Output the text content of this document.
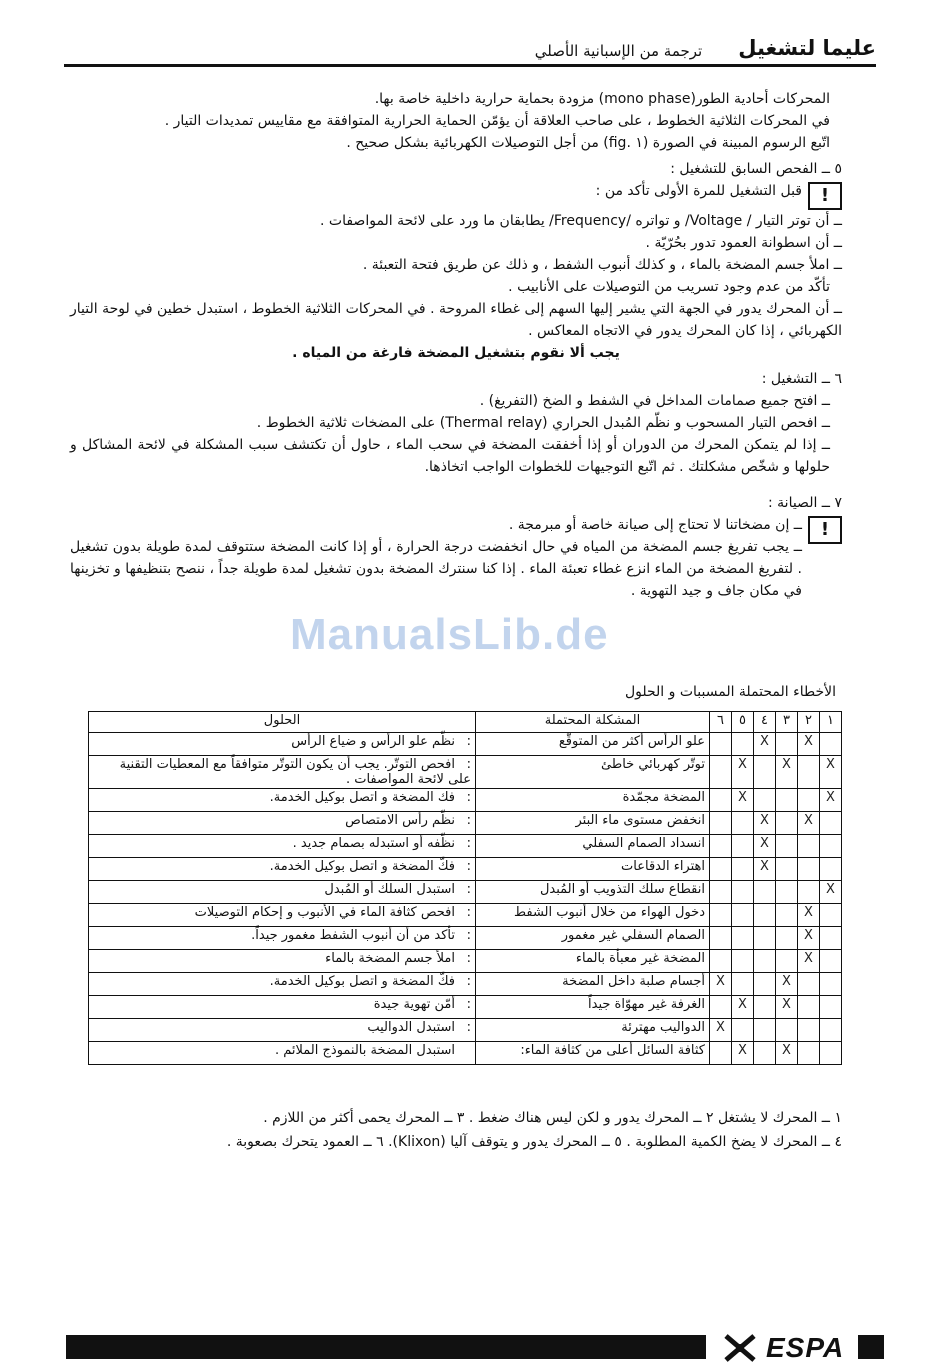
عليما لتشغيل
ترجمة من الإسبانية الأصلي

المحركات أحادية الطور(mono phase) مزودة بحماية حرارية داخلية خاصة بها.

في المحركات الثلاثية الخطوط ، على صاحب العلاقة أن يؤمّن الحماية الحرارية المتوافقة مع مقاييس تمديدات التيار .

اتّبع الرسوم المبينة في الصورة (١ .fig) من أجل التوصيلات الكهربائية بشكل صحيح .

٥ ــ الفحص السابق للتشغيل :

!

قبل التشغيل للمرة الأولى تأكد من :

ــ أن توتر التيار / Voltage/ و تواتره /Frequency/ يطابقان ما ورد على لائحة المواصفات .

ــ أن اسطوانة العمود تدور بحُرّيّة .

ــ املأ جسم المضخة بالماء ، و كذلك أنبوب الشفط ، و ذلك عن طريق فتحة التعبئة .

تأكّد من عدم وجود تسريب من التوصيلات على الأنابيب .

ــ أن المحرك يدور في الجهة التي يشير إليها السهم إلى غطاء المروحة . في المحركات الثلاثية الخطوط ، استبدل خطين في لوحة التيار الكهربائي ، إذا كان المحرك يدور في الاتجاه المعاكس .

يجب ألا نقوم بتشغيل المضخة فارغة من المياه .

٦ ــ التشغيل :

ــ افتح جميع صمامات المداخل في الشفط و الضخ (التفريغ) .

ــ افحص التيار المسحوب و نظّم المُبدل الحراري (Thermal relay) على المضخات ثلاثية الخطوط .

ــ إذا لم يتمكن المحرك من الدوران أو إذا أخفقت المضخة في سحب الماء ، حاول أن تكتشف سبب المشكلة في لائحة المشاكل و حلولها و شخّص مشكلتك . ثم اتّبع التوجيهات للخطوات الواجب اتخاذها.

٧ ــ الصيانة :

!

ــ إن مضخاتنا لا تحتاج إلى صيانة خاصة أو مبرمجة .

ــ يجب تفريغ جسم المضخة من المياه في حال انخفضت درجة الحرارة ، أو إذا كانت المضخة ستتوقف لمدة طويلة بدون تشغيل . لتفريغ المضخة من الماء انزع غطاء تعبئة الماء . إذا كنا سنترك المضخة بدون تشغيل لمدة طويلة جداً ، ننصح بتنظيفها و تخزينها في مكان جاف و جيد التهوية .

ManualsLib.de
الأخطاء المحتملة المسببات و الحلول
١	٢	٣	٤	٥	٦	المشكلة المحتملة	الحلول
	X		X			علو الرأس أكثر من المتوقّع	:نظّم علو الرأس و ضياع الرأس
X		X		X		توتّر كهربائي خاطئ	:افحص التوتّر. يجب أن يكون التوتّر متوافقاً مع المعطيات التقنية على لائحة المواصفات .
X				X		المضخة مجمّدة	:فك المضخة و اتصل بوكيل الخدمة.
	X		X			انخفض مستوى ماء البئر	:نظّم رأس الامتصاص
			X			انسداد الصمام السفلي	:نظّفه أو استبدله بصمام جديد .
			X			اهتراء الدقاعات	:فكّ المضخة و اتصل بوكيل الخدمة.
X						انقطاع سلك التذويب أو المُبدل	:استبدل السلك أو المُبدل
	X					دخول الهواء من خلال أنبوب الشفط	:افحص كثافة الماء في الأنبوب و إحكام التوصيلات
	X					الصمام السفلي غير مغمور	:تأكد من أن أنبوب الشفط مغمور جيداً.
	X					المضخة غير معبأة بالماء	:املأ جسم المضخة بالماء
		X			X	أجسام صلبة داخل المضخة	:فكّ المضخة و اتصل بوكيل الخدمة.
		X		X		الغرفة غير مهوّاة جيداً	:أمّن تهوية جيدة
					X	الدواليب مهترئة	:استبدل الدواليب
		X		X		كثافة السائل أعلى من كثافة الماء:	استبدل المضخة بالنموذج الملائم .
١ ــ المحرك لا يشتغل ٢ ــ المحرك يدور و لكن ليس هناك ضغط . ٣ ــ المحرك يحمى أكثر من اللازم .
٤ ــ المحرك لا يضخ الكمية المطلوبة . ٥ ــ المحرك يدور و يتوقف آليا (Klixon). ٦ ــ العمود يتحرك بصعوبة .
ESPA
